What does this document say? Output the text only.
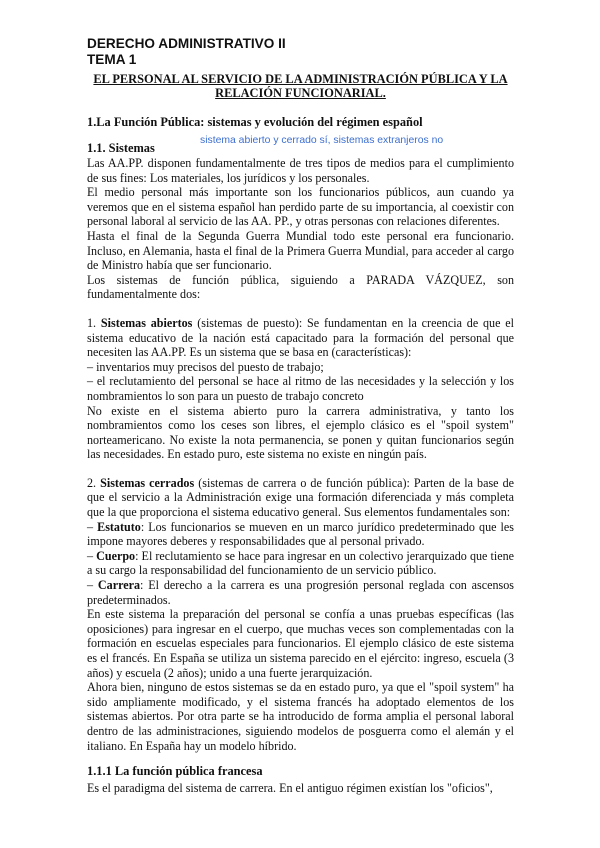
DERECHO ADMINISTRATIVO II
TEMA 1
EL PERSONAL AL SERVICIO DE LA ADMINISTRACIÓN PÚBLICA Y LA RELACIÓN FUNCIONARIAL.
1.La Función Pública: sistemas y evolución del régimen español
1.1. Sistemas
sistema abierto y cerrado sí, sistemas extranjeros no

Las AA.PP. disponen fundamentalmente de tres tipos de medios para el cumplimiento de sus fines: Los materiales, los jurídicos y los personales.

El medio personal más importante son los funcionarios públicos, aun cuando ya veremos que en el sistema español han perdido parte de su importancia, al coexistir con personal laboral al servicio de las AA. PP., y otras personas con relaciones diferentes.

Hasta el final de la Segunda Guerra Mundial todo este personal era funcionario. Incluso, en Alemania, hasta el final de la Primera Guerra Mundial, para acceder al cargo de Ministro había que ser funcionario.

Los sistemas de función pública, siguiendo a PARADA VÁZQUEZ, son fundamentalmente dos:

1. Sistemas abiertos (sistemas de puesto): Se fundamentan en la creencia de que el sistema educativo de la nación está capacitado para la formación del personal que necesiten las AA.PP. Es un sistema que se basa en (características):

– inventarios muy precisos del puesto de trabajo;

– el reclutamiento del personal se hace al ritmo de las necesidades y la selección y los nombramientos lo son para un puesto de trabajo concreto

No existe en el sistema abierto puro la carrera administrativa, y tanto los nombramientos como los ceses son libres, el ejemplo clásico es el "spoil system" norteamericano. No existe la nota permanencia, se ponen y quitan funcionarios según las necesidades. En estado puro, este sistema no existe en ningún país.

2. Sistemas cerrados (sistemas de carrera o de función pública): Parten de la base de que el servicio a la Administración exige una formación diferenciada y más completa que la que proporciona el sistema educativo general. Sus elementos fundamentales son:

– Estatuto: Los funcionarios se mueven en un marco jurídico predeterminado que les impone mayores deberes y responsabilidades que al personal privado.

– Cuerpo: El reclutamiento se hace para ingresar en un colectivo jerarquizado que tiene a su cargo la responsabilidad del funcionamiento de un servicio público.

– Carrera: El derecho a la carrera es una progresión personal reglada con ascensos predeterminados.

En este sistema la preparación del personal se confía a unas pruebas específicas (las oposiciones) para ingresar en el cuerpo, que muchas veces son complementadas con la formación en escuelas especiales para funcionarios. El ejemplo clásico de este sistema es el francés. En España se utiliza un sistema parecido en el ejército: ingreso, escuela (3 años) y escuela (2 años); unido a una fuerte jerarquización.

Ahora bien, ninguno de estos sistemas se da en estado puro, ya que el "spoil system" ha sido ampliamente modificado, y el sistema francés ha adoptado elementos de los sistemas abiertos. Por otra parte se ha introducido de forma amplia el personal laboral dentro de las administraciones, siguiendo modelos de posguerra como el alemán y el italiano. En España hay un modelo híbrido.

1.1.1 La función pública francesa

Es el paradigma del sistema de carrera. En el antiguo régimen existían los "oficios",
